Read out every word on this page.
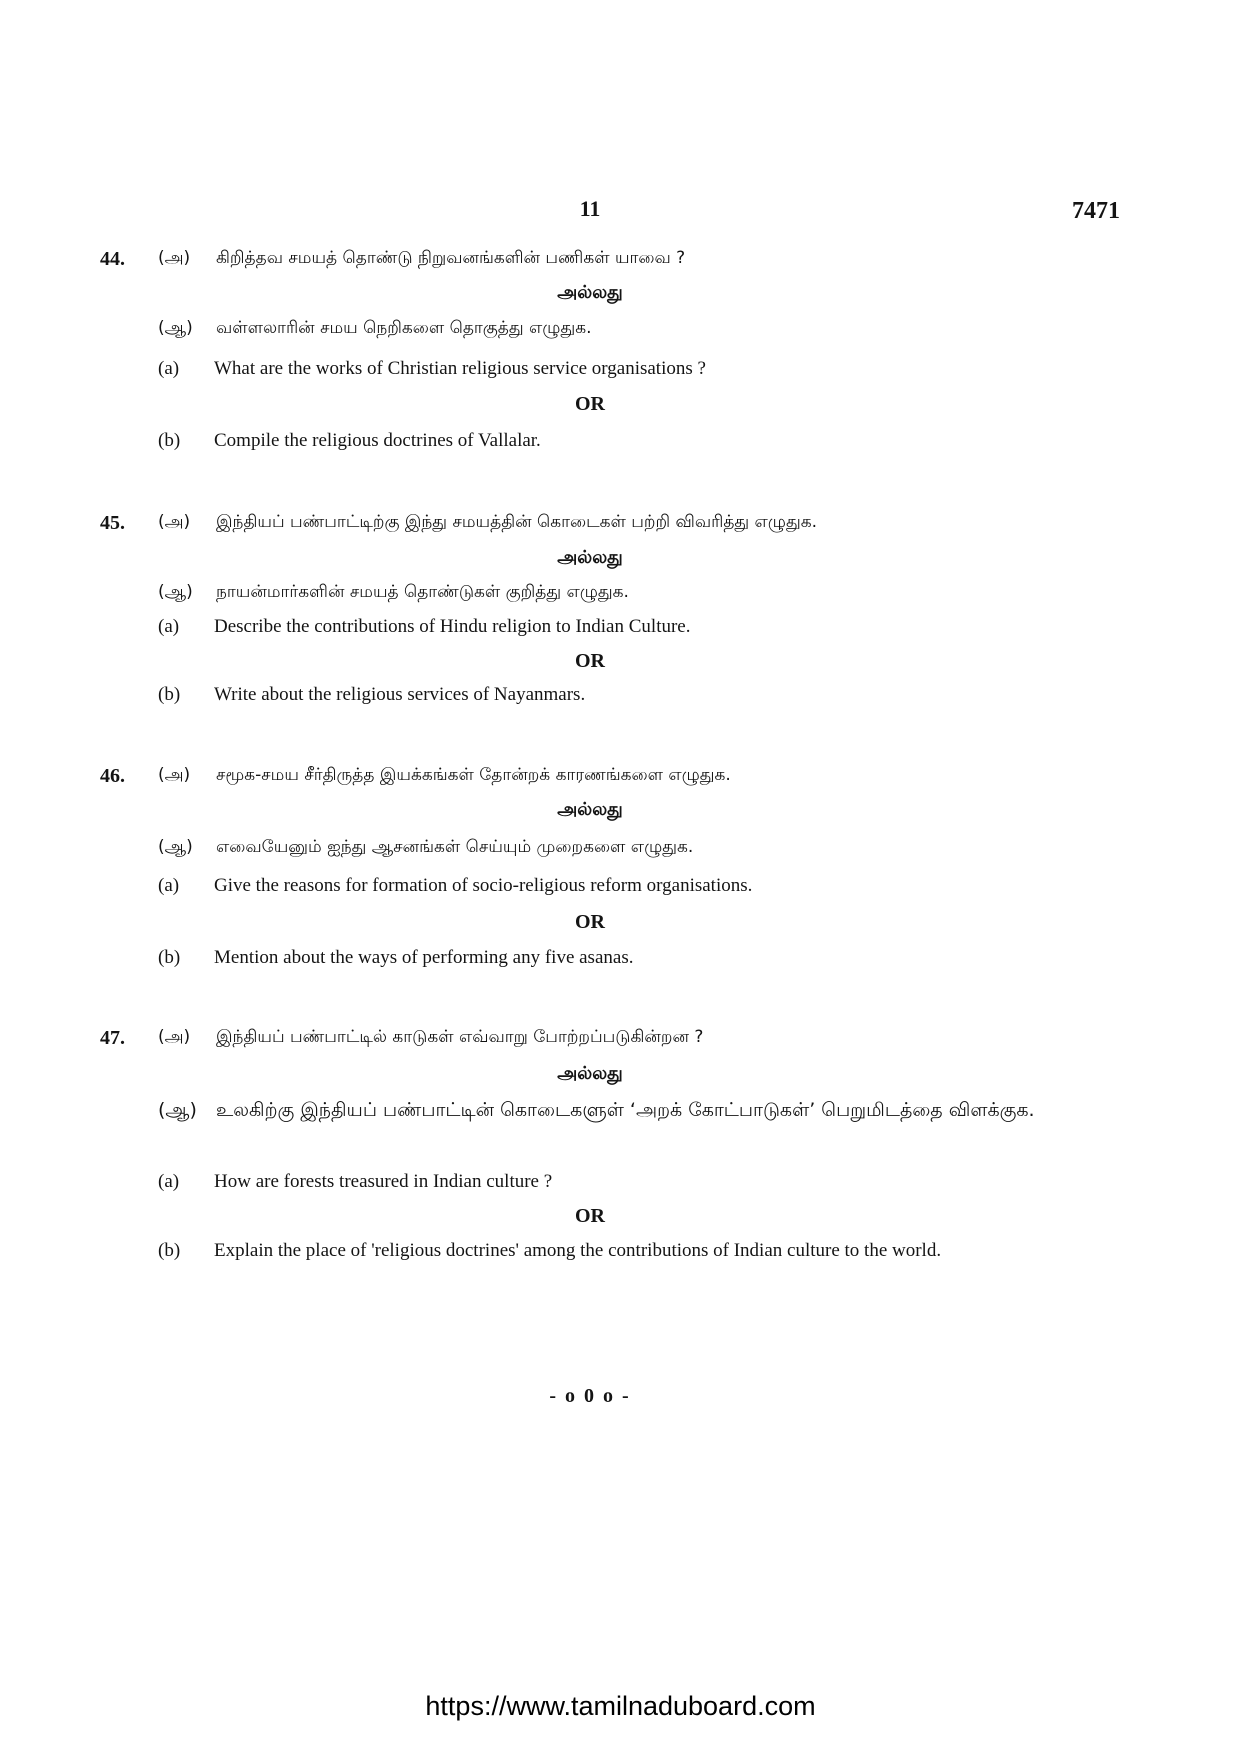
11	7471
44. (அ) கிறித்தவ சமயத் தொண்டு நிறுவனங்களின் பணிகள் யாவை ?
அல்லது
(ஆ) வள்ளலாரின் சமய நெறிகளை தொகுத்து எழுதுக.
(a) What are the works of Christian religious service organisations ?
OR
(b) Compile the religious doctrines of Vallalar.
45. (அ) இந்தியப் பண்பாட்டிற்கு இந்து சமயத்தின் கொடைகள் பற்றி விவரித்து எழுதுக.
அல்லது
(ஆ) நாயன்மார்களின் சமயத் தொண்டுகள் குறித்து எழுதுக.
(a) Describe the contributions of Hindu religion to Indian Culture.
OR
(b) Write about the religious services of Nayanmars.
46. (அ) சமூக-சமய சீர்திருத்த இயக்கங்கள் தோன்றக் காரணங்களை எழுதுக.
அல்லது
(ஆ) எவையேனும் ஐந்து ஆசனங்கள் செய்யும் முறைகளை எழுதுக.
(a) Give the reasons for formation of socio-religious reform organisations.
OR
(b) Mention about the ways of performing any five asanas.
47. (அ) இந்தியப் பண்பாட்டில் காடுகள் எவ்வாறு போற்றப்படுகின்றன ?
அல்லது
(ஆ)	உலகிற்கு இந்தியப் பண்பாட்டின் கொடைகளுள் ‘அறக் கோட்பாடுகள்’ பெறுமிடத்தை விளக்குக.
(a) How are forests treasured in Indian culture ?
OR
(b)	Explain the place of 'religious doctrines' among the contributions of Indian culture to the world.
- o 0 o -
https://www.tamilnaduboard.com
